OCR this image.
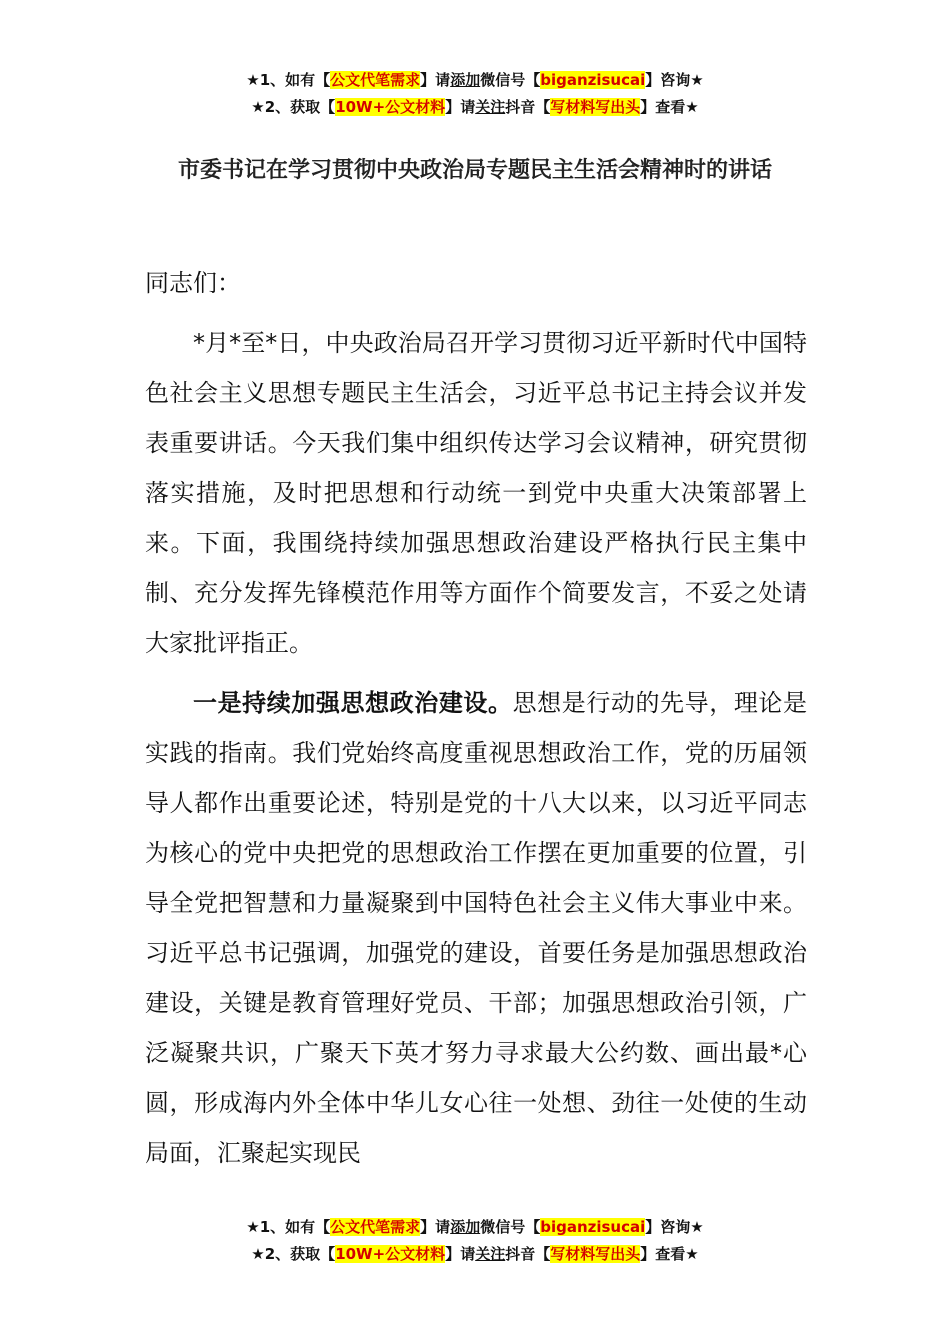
★1、如有【公文代笔需求】请添加微信号【biganzisucai】咨询★
★2、获取【10W+公文材料】请关注抖音【写材料写出头】查看★
市委书记在学习贯彻中央政治局专题民主生活会精神时的讲话
同志们：

*月*至*日，中央政治局召开学习贯彻习近平新时代中国特色社会主义思想专题民主生活会，习近平总书记主持会议并发表重要讲话。今天我们集中组织传达学习会议精神，研究贯彻落实措施，及时把思想和行动统一到党中央重大决策部署上来。下面，我围绕持续加强思想政治建设严格执行民主集中制、充分发挥先锋模范作用等方面作个简要发言，不妥之处请大家批评指正。

一是持续加强思想政治建设。思想是行动的先导，理论是实践的指南。我们党始终高度重视思想政治工作，党的历届领导人都作出重要论述，特别是党的十八大以来，以习近平同志为核心的党中央把党的思想政治工作摆在更加重要的位置，引导全党把智慧和力量凝聚到中国特色社会主义伟大事业中来。习近平总书记强调，加强党的建设，首要任务是加强思想政治建设，关键是教育管理好党员、干部；加强思想政治引领，广泛凝聚共识，广聚天下英才努力寻求最大公约数、画出最*心圆，形成海内外全体中华儿女心往一处想、劲往一处使的生动局面，汇聚起实现民

★1、如有【公文代笔需求】请添加微信号【biganzisucai】咨询★
★2、获取【10W+公文材料】请关注抖音【写材料写出头】查看★
